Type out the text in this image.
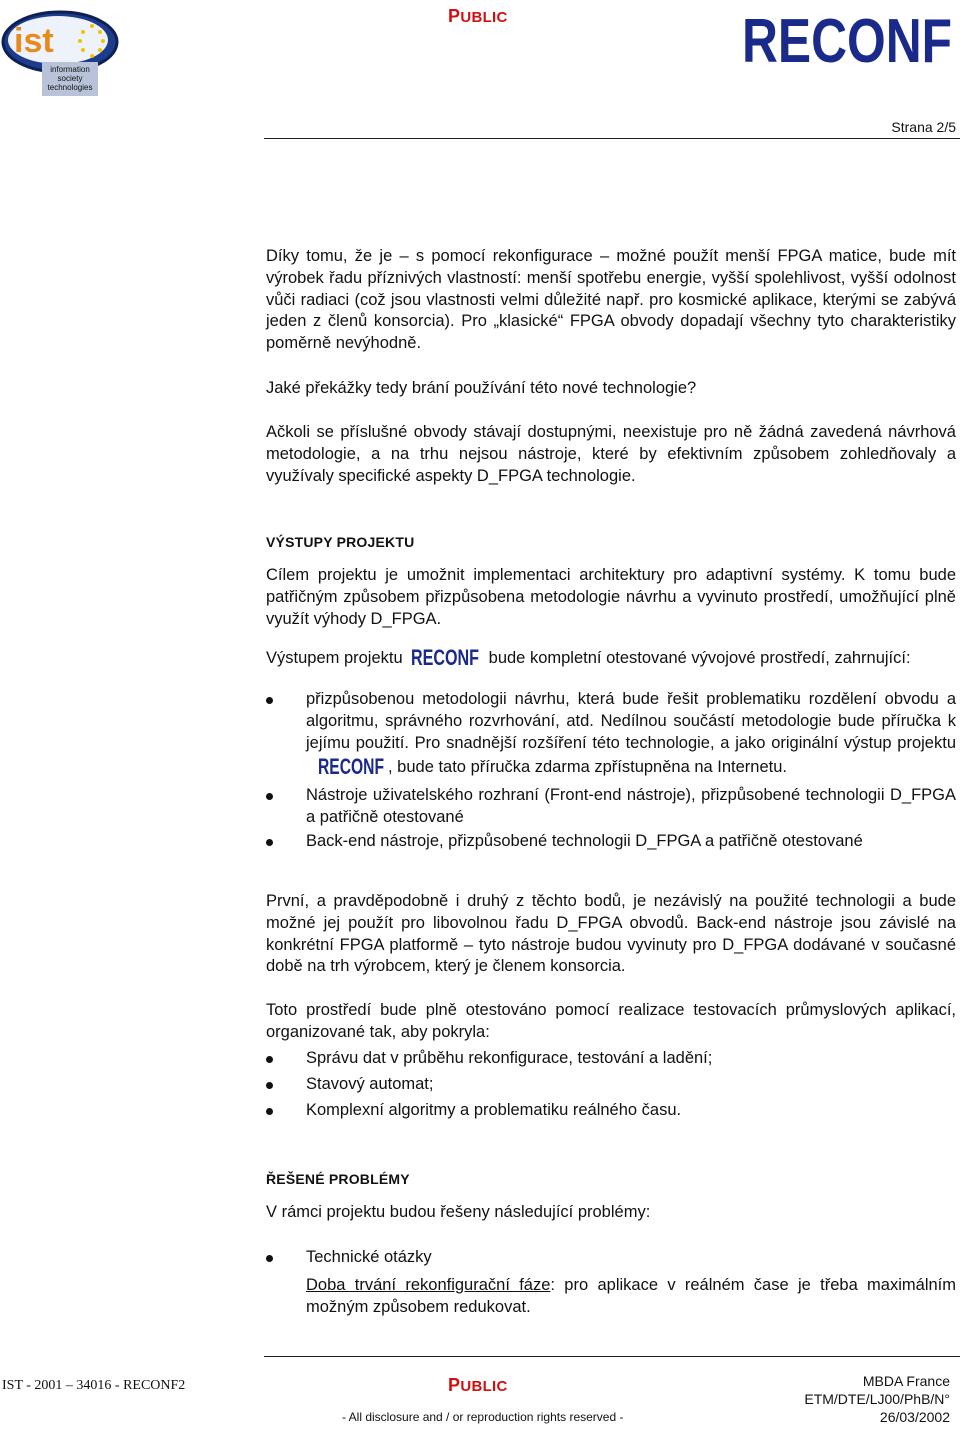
ist
information
society
technologies
PUBLIC	RECONF
Strana 2/5
Díky tomu, že je – s pomocí rekonfigurace – možné použít menší FPGA matice, bude mít výrobek řadu příznivých vlastností: menší spotřebu energie, vyšší spolehlivost, vyšší odolnost vůči radiaci (což jsou vlastnosti velmi důležité např. pro kosmické aplikace, kterými se zabývá jeden z členů konsorcia). Pro „klasické“ FPGA obvody dopadají všechny tyto charakteristiky poměrně nevýhodně.
Jaké překážky tedy brání používání této nové technologie?
Ačkoli se příslušné obvody stávají dostupnými, neexistuje pro ně žádná zavedená návrhová metodologie, a na trhu nejsou nástroje, které by efektivním způsobem zohledňovaly a využívaly specifické aspekty D_FPGA technologie.
VÝSTUPY PROJEKTU
Cílem projektu je umožnit implementaci architektury pro adaptivní systémy. K tomu bude patřičným způsobem přizpůsobena metodologie návrhu a vyvinuto prostředí, umožňující plně využít výhody D_FPGA.
Výstupem projektu RECONF bude kompletní otestované vývojové prostředí, zahrnující:
přizpůsobenou metodologii návrhu, která bude řešit problematiku rozdělení obvodu a algoritmu, správného rozvrhování, atd. Nedílnou součástí metodologie bude příručka k jejímu použití. Pro snadnější rozšíření této technologie, a jako originální výstup projektu
RECONF , bude tato příručka zdarma zpřístupněna na Internetu.
Nástroje uživatelského rozhraní (Front-end nástroje), přizpůsobené technologii D_FPGA a patřičně otestované
Back-end nástroje, přizpůsobené technologii D_FPGA a patřičně otestované
První, a pravděpodobně i druhý z těchto bodů, je nezávislý na použité technologii a bude možné jej použít pro libovolnou řadu D_FPGA obvodů. Back-end nástroje jsou závislé na konkrétní FPGA platformě – tyto nástroje budou vyvinuty pro D_FPGA dodávané v současné době na trh výrobcem, který je členem konsorcia.
Toto prostředí bude plně otestováno pomocí realizace testovacích průmyslových aplikací, organizované tak, aby pokryla:
Správu dat v průběhu rekonfigurace, testování a ladění;
Stavový automat;
Komplexní algoritmy a problematiku reálného času.
ŘEŠENÉ PROBLÉMY
V rámci projektu budou řešeny následující problémy:
Technické otázky
Doba trvání rekonfigurační fáze: pro aplikace v reálném čase je třeba maximálním možným způsobem redukovat.
IST - 2001 – 34016 - RECONF2	PUBLIC	MBDA France
ETM/DTE/LJ00/PhB/N°
26/03/2002
- All disclosure and / or reproduction rights reserved -
